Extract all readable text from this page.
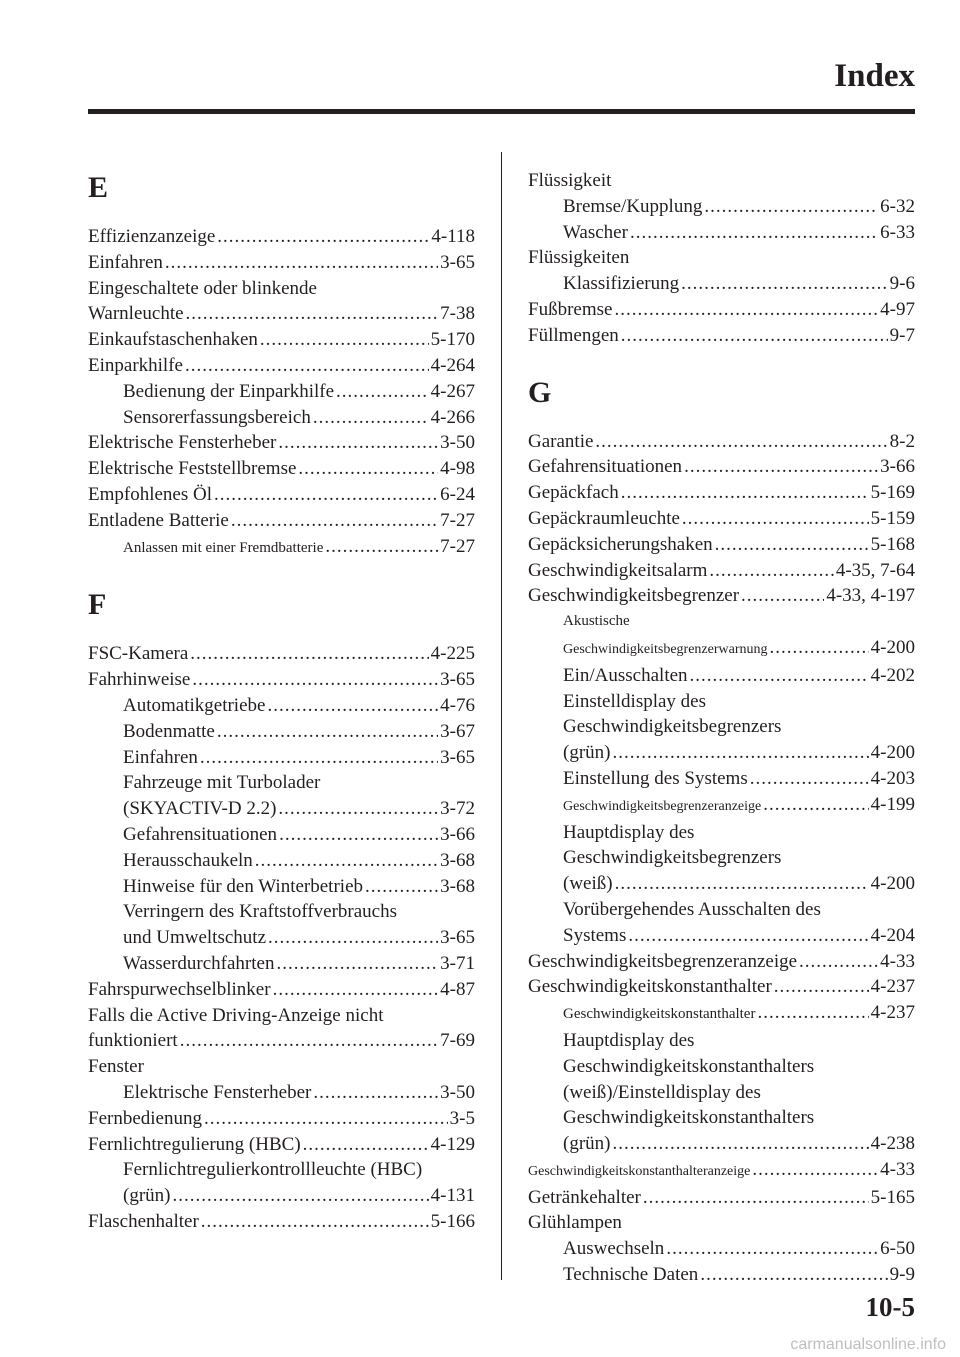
Index
E
Effizienzanzeige .....	4-118
Einfahren .....	3-65
Eingeschaltete oder blinkende
Warnleuchte .....	7-38
Einkaufstaschenhaken .....	5-170
Einparkhilfe .....	4-264
Bedienung der Einparkhilfe .....	4-267
Sensorerfassungsbereich .....	4-266
Elektrische Fensterheber .....	3-50
Elektrische Feststellbremse .....	4-98
Empfohlenes Öl .....	6-24
Entladene Batterie .....	7-27
Anlassen mit einer Fremdbatterie .....	7-27
F
FSC-Kamera .....	4-225
Fahrhinweise .....	3-65
Automatikgetriebe .....	4-76
Bodenmatte .....	3-67
Einfahren .....	3-65
Fahrzeuge mit Turbolader
(SKYACTIV-D 2.2) .....	3-72
Gefahrensituationen .....	3-66
Herausschaukeln .....	3-68
Hinweise für den Winterbetrieb .....	3-68
Verringern des Kraftstoffverbrauchs
und Umweltschutz .....	3-65
Wasserdurchfahrten .....	3-71
Fahrspurwechselblinker .....	4-87
Falls die Active Driving-Anzeige nicht
funktioniert .....	7-69
Fenster
Elektrische Fensterheber .....	3-50
Fernbedienung .....	3-5
Fernlichtregulierung (HBC) .....	4-129
Fernlichtregulierkontrollleuchte (HBC)
(grün) .....	4-131
Flaschenhalter .....	5-166
Flüssigkeit
Bremse/Kupplung .....	6-32
Wascher .....	6-33
Flüssigkeiten
Klassifizierung .....	9-6
Fußbremse .....	4-97
Füllmengen .....	9-7
G
Garantie .....	8-2
Gefahrensituationen .....	3-66
Gepäckfach .....	5-169
Gepäckraumleuchte .....	5-159
Gepäcksicherungshaken .....	5-168
Geschwindigkeitsalarm .....	4-35, 7-64
Geschwindigkeitsbegrenzer .....	4-33, 4-197
Akustische
Geschwindigkeitsbegrenzerwarnung .....	4-200
Ein/Ausschalten .....	4-202
Einstelldisplay des
Geschwindigkeitsbegrenzers
(grün) .....	4-200
Einstellung des Systems .....	4-203
Geschwindigkeitsbegrenzeranzeige .....	4-199
Hauptdisplay des
Geschwindigkeitsbegrenzers
(weiß) .....	4-200
Vorübergehendes Ausschalten des
Systems .....	4-204
Geschwindigkeitsbegrenzeranzeige .....	4-33
Geschwindigkeitskonstanthalter .....	4-237
Geschwindigkeitskonstanthalter .....	4-237
Hauptdisplay des
Geschwindigkeitskonstanthalters
(weiß)/Einstelldisplay des
Geschwindigkeitskonstanthalters
(grün) .....	4-238
Geschwindigkeitskonstanthalteranzeige .....	4-33
Getränkehalter .....	5-165
Glühlampen
Auswechseln .....	6-50
Technische Daten .....	9-9
10-5
carmanualsonline.info
